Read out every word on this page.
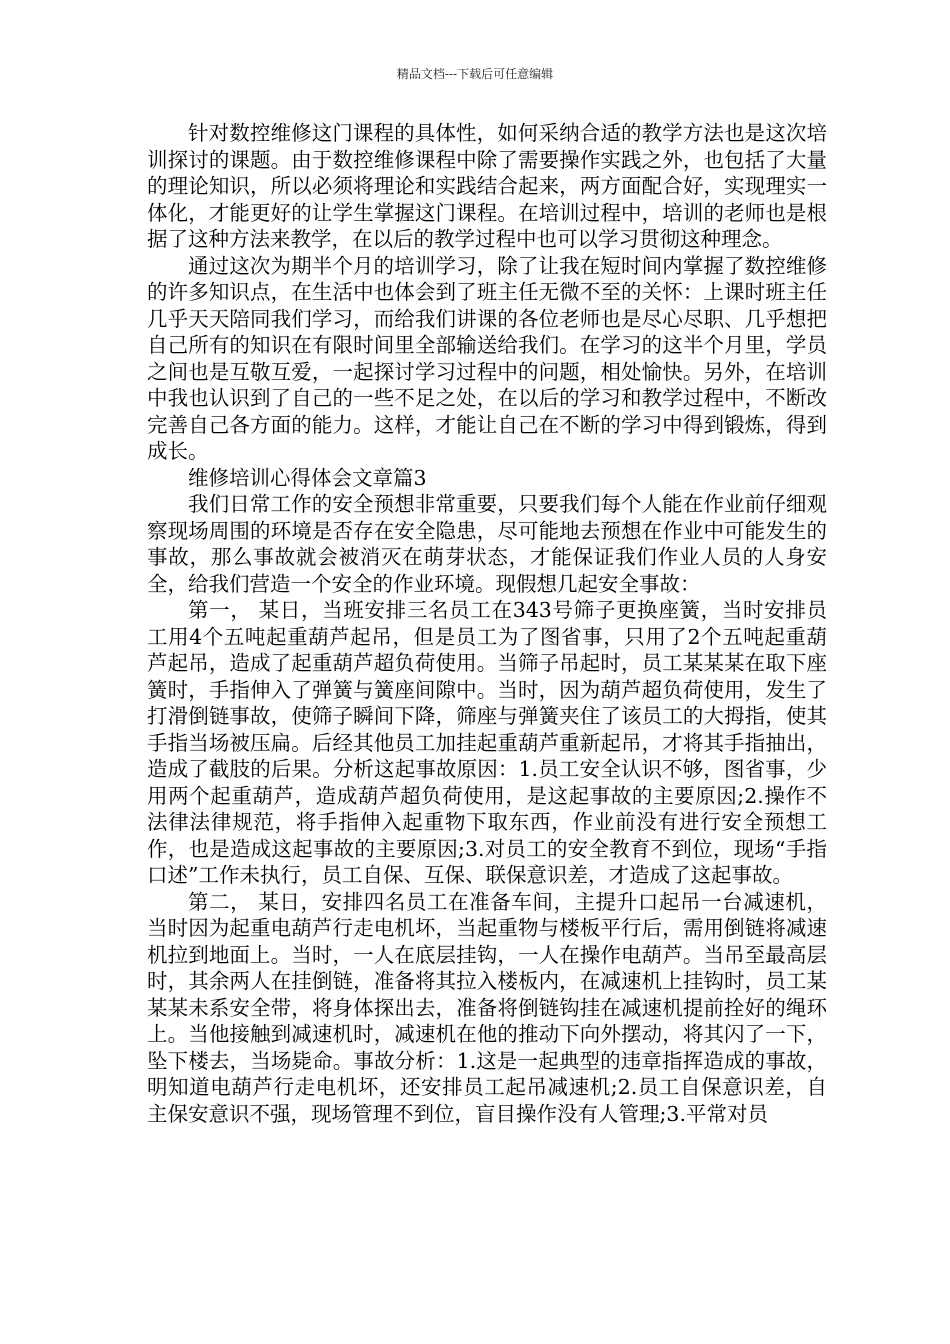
精品文档---下载后可任意编辑

针对数控维修这门课程的具体性，如何采纳合适的教学方法也是这次培训探讨的课题。由于数控维修课程中除了需要操作实践之外，也包括了大量的理论知识，所以必须将理论和实践结合起来，两方面配合好，实现理实一体化，才能更好的让学生掌握这门课程。在培训过程中，培训的老师也是根据了这种方法来教学，在以后的教学过程中也可以学习贯彻这种理念。

通过这次为期半个月的培训学习，除了让我在短时间内掌握了数控维修的许多知识点，在生活中也体会到了班主任无微不至的关怀：上课时班主任几乎天天陪同我们学习，而给我们讲课的各位老师也是尽心尽职、几乎想把自己所有的知识在有限时间里全部输送给我们。在学习的这半个月里，学员之间也是互敬互爱，一起探讨学习过程中的问题，相处愉快。另外，在培训中我也认识到了自己的一些不足之处，在以后的学习和教学过程中，不断改完善自己各方面的能力。这样，才能让自己在不断的学习中得到锻炼，得到成长。

维修培训心得体会文章篇3

我们日常工作的安全预想非常重要，只要我们每个人能在作业前仔细观察现场周围的环境是否存在安全隐患，尽可能地去预想在作业中可能发生的事故，那么事故就会被消灭在萌芽状态，才能保证我们作业人员的人身安全，给我们营造一个安全的作业环境。现假想几起安全事故：

第一， 某日，当班安排三名员工在343号筛子更换座簧，当时安排员工用4个五吨起重葫芦起吊，但是员工为了图省事，只用了2个五吨起重葫芦起吊，造成了起重葫芦超负荷使用。当筛子吊起时，员工某某某在取下座簧时，手指伸入了弹簧与簧座间隙中。当时，因为葫芦超负荷使用，发生了打滑倒链事故，使筛子瞬间下降，筛座与弹簧夹住了该员工的大拇指，使其手指当场被压扁。后经其他员工加挂起重葫芦重新起吊，才将其手指抽出，造成了截肢的后果。分析这起事故原因：1.员工安全认识不够，图省事，少用两个起重葫芦，造成葫芦超负荷使用，是这起事故的主要原因;2.操作不法律法律规范，将手指伸入起重物下取东西，作业前没有进行安全预想工作，也是造成这起事故的主要原因;3.对员工的安全教育不到位，现场“手指口述”工作未执行，员工自保、互保、联保意识差，才造成了这起事故。

第二， 某日，安排四名员工在准备车间，主提升口起吊一台减速机，当时因为起重电葫芦行走电机坏，当起重物与楼板平行后，需用倒链将减速机拉到地面上。当时，一人在底层挂钩，一人在操作电葫芦。当吊至最高层时，其余两人在挂倒链，准备将其拉入楼板内，在减速机上挂钩时，员工某某某未系安全带，将身体探出去，准备将倒链钩挂在减速机提前拴好的绳环上。当他接触到减速机时，减速机在他的推动下向外摆动，将其闪了一下，坠下楼去，当场毙命。事故分析：1.这是一起典型的违章指挥造成的事故，明知道电葫芦行走电机坏，还安排员工起吊减速机;2.员工自保意识差，自主保安意识不强，现场管理不到位，盲目操作没有人管理;3.平常对员
